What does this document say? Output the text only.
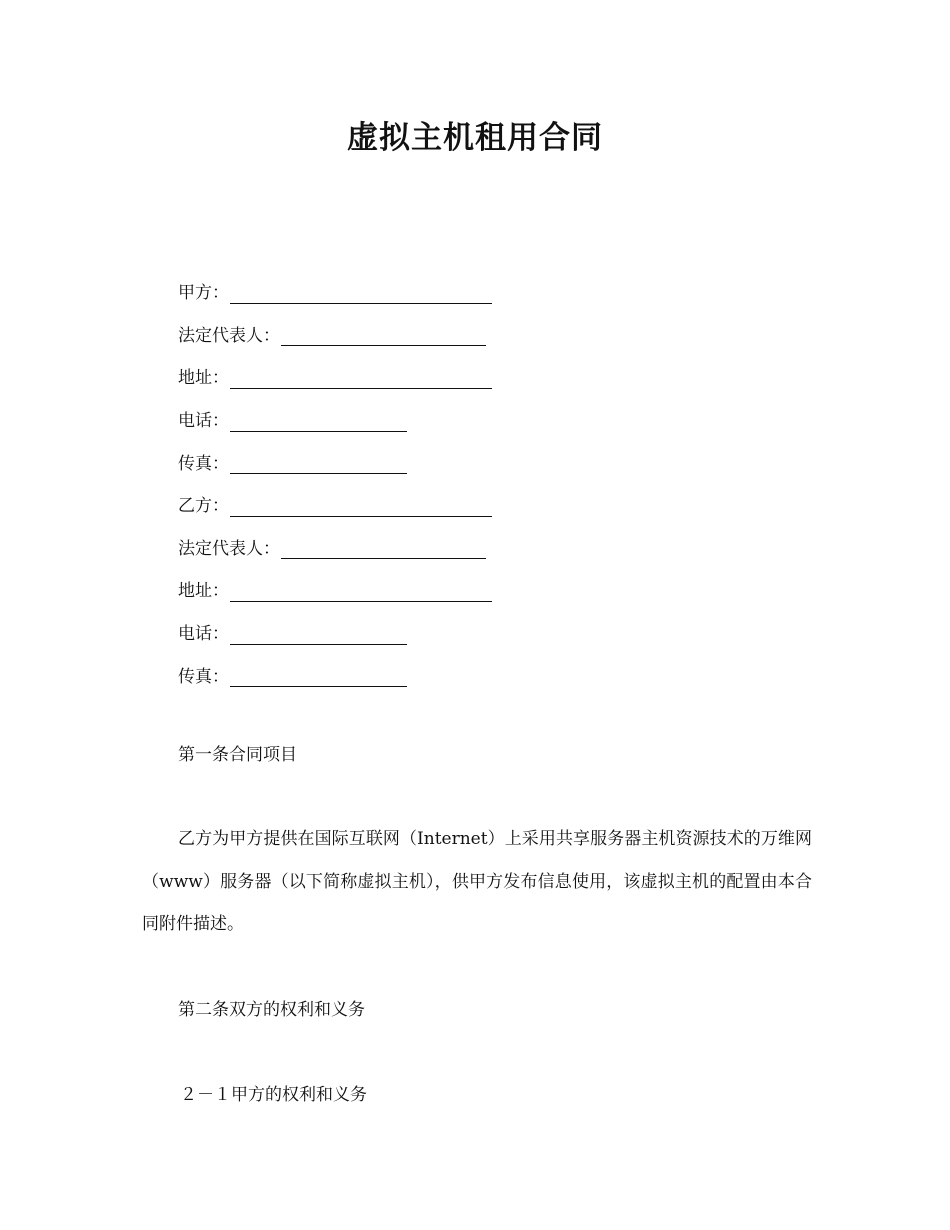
虚拟主机租用合同
甲方：
法定代表人：
地址：
电话：
传真：
乙方：
法定代表人：
地址：
电话：
传真：
第一条合同项目
乙方为甲方提供在国际互联网（Internet）上采用共享服务器主机资源技术的万维网（www）服务器（以下简称虚拟主机），供甲方发布信息使用，该虚拟主机的配置由本合同附件描述。
第二条双方的权利和义务
２－１甲方的权利和义务
